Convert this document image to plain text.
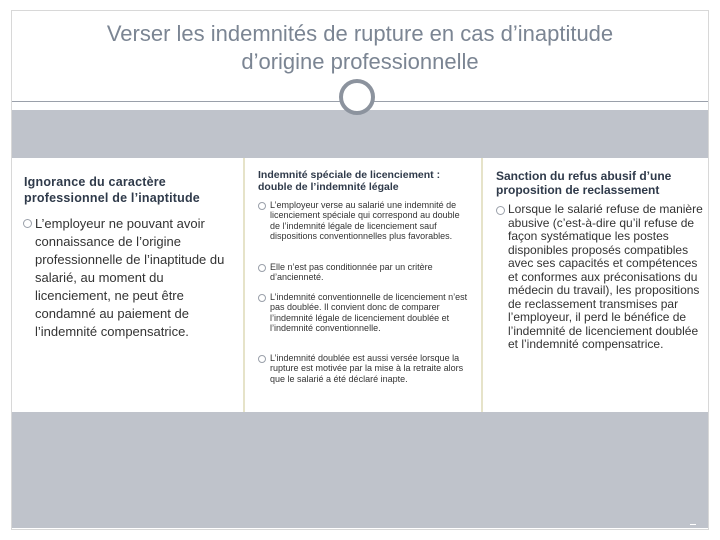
Verser les indemnités de rupture en cas d’inaptitude
d’origine professionnelle
Ignorance du caractère professionnel de l’inaptitude
L’employeur ne pouvant avoir connaissance de l’origine professionnelle de l’inaptitude du salarié, au moment du licenciement, ne peut être condamné au paiement de l’indemnité compensatrice.
Indemnité spéciale de licenciement : double de l’indemnité légale
L’employeur verse au salarié une indemnité de licenciement spéciale qui correspond au double de l’indemnité légale de licenciement sauf dispositions conventionnelles plus favorables.
Elle n’est pas conditionnée par un critère d’ancienneté.
L’indemnité conventionnelle de licenciement n’est pas doublée. Il convient donc de comparer l’indemnité légale de licenciement doublée et l’indemnité conventionnelle.
L’indemnité doublée est aussi versée lorsque la rupture est motivée par la mise à la retraite alors que le salarié a été déclaré inapte.
Sanction du refus abusif d’une proposition de reclassement
Lorsque le salarié refuse de manière abusive (c’est-à-dire qu’il refuse de façon systématique les postes disponibles proposés compatibles avec ses capacités et compétences et conformes aux préconisations du médecin du travail), les propositions de reclassement transmises par l’employeur, il perd le bénéfice de l’indemnité de licenciement doublée et l’indemnité compensatrice.
